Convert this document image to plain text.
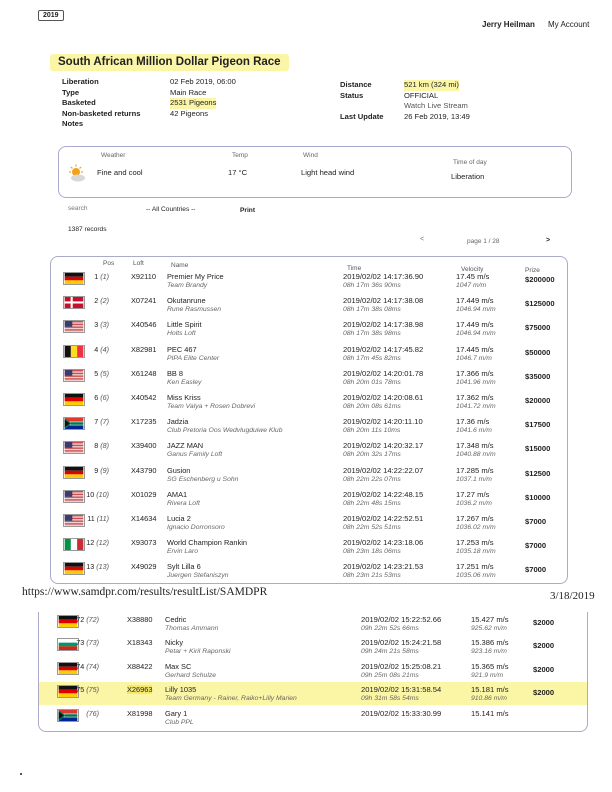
2019
Jerry Heilman My Account
South African Million Dollar Pigeon Race
Liberation	02 Feb 2019, 06:00
Type	Main Race
Basketed	2531 Pigeons
Non-basketed returns	42 Pigeons
Notes
Distance	521 km (324 mi)
Status	OFFICIAL
Watch Live Stream
Last Update	26 Feb 2019, 13:49
Weather	Temp	Wind
Time of day
Fine and cool	17 °C	Light head wind	Liberation
search	-- All Countries --	Print
1387 records
<	page 1 / 28	>
Pos	Loft	Name	Time	Velocity	Prize
1 (1)	X92110 Premier My Price
Team Brandy
2019/02/02 14:17:36.90
08h 17m 36s 90ms
17.45 m/s
1047 m/m
$200000
2 (2)	X07241 Okutanrune
Rune Rasmussen
2019/02/02 14:17:38.08
08h 17m 38s 08ms
17.449 m/s
1046.94 m/m
$125000
3 (3)	X40546 Little Spirit
Holts Loft
2019/02/02 14:17:38.98
08h 17m 38s 98ms
17.449 m/s
1046.94 m/m
$75000
4 (4)	X82981 PEC 467
PIPA Elite Center
2019/02/02 14:17:45.82
08h 17m 45s 82ms
17.445 m/s
1046.7 m/m
$50000
5 (5)	X61248 BB 8
Ken Easley
2019/02/02 14:20:01.78
08h 20m 01s 78ms
17.366 m/s
1041.96 m/m
$35000
6 (6)	X40542 Miss Kriss
Team Valya + Rosen Dobrevi
2019/02/02 14:20:08.61
08h 20m 08s 61ms
17.362 m/s
1041.72 m/m
$20000
7 (7)	X17235 Jadzia
Club Pretoria Oos Wedvlugduiwe Klub
2019/02/02 14:20:11.10
08h 20m 11s 10ms
17.36 m/s
1041.6 m/m
$17500
8 (8)	X39400 JAZZ MAN
Ganus Family Loft
2019/02/02 14:20:32.17
08h 20m 32s 17ms
17.348 m/s
1040.88 m/m
$15000
9 (9)	X43790 Gusion
SG Eschenberg u Sohn
2019/02/02 14:22:22.07
08h 22m 22s 07ms
17.285 m/s
1037.1 m/m
$12500
10 (10)	X01029 AMA1
Rivera Loft
2019/02/02 14:22:48.15
08h 22m 48s 15ms
17.27 m/s
1036.2 m/m
$10000
11 (11)	X14634 Lucia 2
Ignacio Dorronsoro
2019/02/02 14:22:52.51
08h 22m 52s 51ms
17.267 m/s
1036.02 m/m
$7000
12 (12)	X93073 World Champion Rankin
Ervin Laro
2019/02/02 14:23:18.06
08h 23m 18s 06ms
17.253 m/s
1035.18 m/m
$7000
13 (13)	X49029 Sylt Lilla 6
Juergen Stefaniszyn
2019/02/02 14:23:21.53
08h 23m 21s 53ms
17.251 m/s
1035.06 m/m
$7000
https://www.samdpr.com/results/resultList/SAMDPR	3/18/2019
72 (72)	X38880 Cedric
Thomas Ammann
2019/02/02 15:22:52.66
09h 22m 52s 66ms
15.427 m/s
925.62 m/m
$2000
73 (73)	X18343 Nicky
Petar + Kiril Raponski
2019/02/02 15:24:21.58
09h 24m 21s 58ms
15.386 m/s
923.16 m/m
$2000
74 (74)	X88422 Max SC
Gerhard Schulze
2019/02/02 15:25:08.21
09h 25m 08s 21ms
15.365 m/s
921.9 m/m
$2000
75 (75)	X26963 Lilly 1035
Team Germany - Rainer, Raiko+Lilly Marien
2019/02/02 15:31:58.54
09h 31m 58s 54ms
15.181 m/s
910.86 m/m
$2000
(76)	X81998 Gary 1
Club PPL
2019/02/02 15:33:30.99	15.141 m/s
